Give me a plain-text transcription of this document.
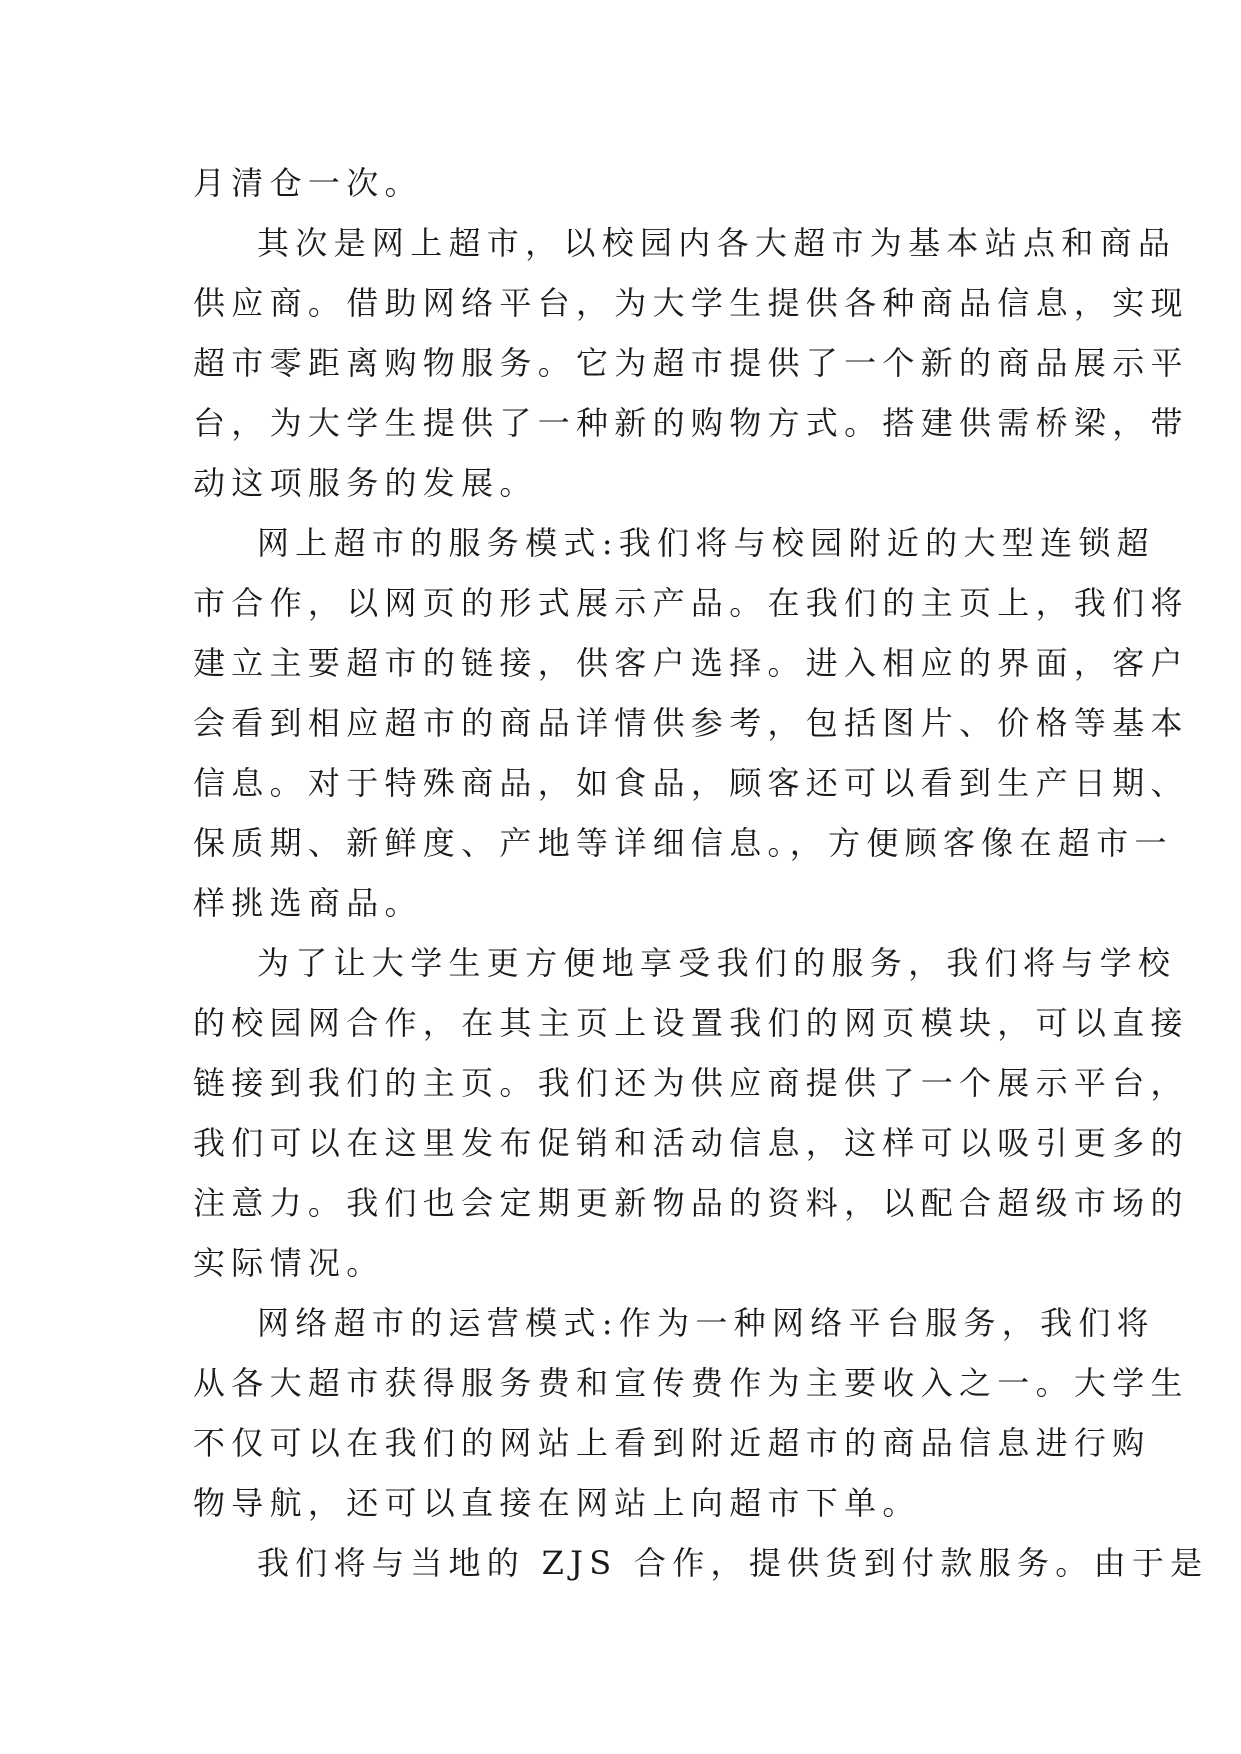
月清仓一次。
其次是网上超市，以校园内各大超市为基本站点和商品
供应商。借助网络平台，为大学生提供各种商品信息，实现
超市零距离购物服务。它为超市提供了一个新的商品展示平
台，为大学生提供了一种新的购物方式。搭建供需桥梁，带
动这项服务的发展。
网上超市的服务模式:我们将与校园附近的大型连锁超
市合作，以网页的形式展示产品。在我们的主页上，我们将
建立主要超市的链接，供客户选择。进入相应的界面，客户
会看到相应超市的商品详情供参考，包括图片、价格等基本
信息。对于特殊商品，如食品，顾客还可以看到生产日期、
保质期、新鲜度、产地等详细信息。，方便顾客像在超市一
样挑选商品。
为了让大学生更方便地享受我们的服务，我们将与学校
的校园网合作，在其主页上设置我们的网页模块，可以直接
链接到我们的主页。我们还为供应商提供了一个展示平台，
我们可以在这里发布促销和活动信息，这样可以吸引更多的
注意力。我们也会定期更新物品的资料，以配合超级市场的
实际情况。
网络超市的运营模式:作为一种网络平台服务，我们将
从各大超市获得服务费和宣传费作为主要收入之一。大学生
不仅可以在我们的网站上看到附近超市的商品信息进行购
物导航，还可以直接在网站上向超市下单。
我们将与当地的 ZJS 合作，提供货到付款服务。由于是
